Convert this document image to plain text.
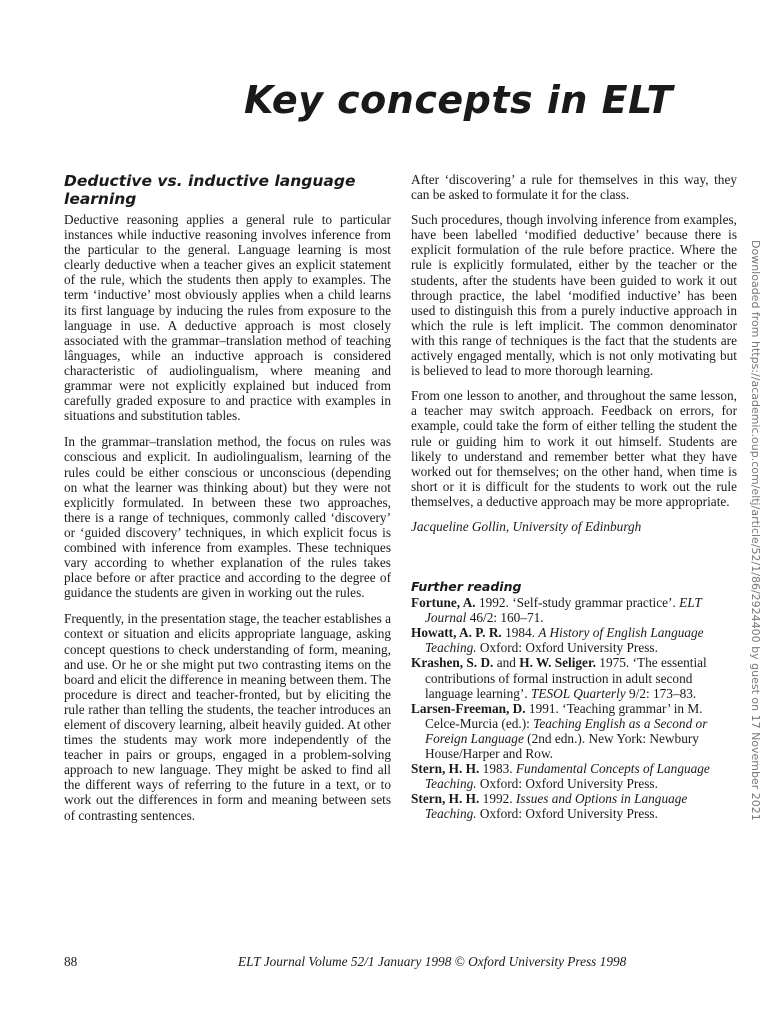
Key concepts in ELT
Deductive vs. inductive language learning

Deductive reasoning applies a general rule to particular instances while inductive reasoning involves inference from the particular to the general. Language learning is most clearly deductive when a teacher gives an explicit statement of the rule, which the students then apply to examples. The term ‘inductive’ most obviously applies when a child learns its first language by inducing the rules from exposure to the language in use. A deductive approach is most closely associated with the grammar–translation method of teaching lânguages, while an inductive approach is considered characteristic of audiolingualism, where meaning and grammar were not explicitly explained but induced from carefully graded exposure to and practice with examples in situations and substitution tables.

In the grammar–translation method, the focus on rules was conscious and explicit. In audiolingualism, learning of the rules could be either conscious or unconscious (depending on what the learner was thinking about) but they were not explicitly formulated. In between these two approaches, there is a range of techniques, commonly called ‘discovery’ or ‘guided discovery’ techniques, in which explicit focus is combined with inference from examples. These techniques vary according to whether explanation of the rules takes place before or after practice and according to the degree of guidance the students are given in working out the rules.

Frequently, in the presentation stage, the teacher establishes a context or situation and elicits appropriate language, asking concept questions to check understanding of form, meaning, and use. Or he or she might put two contrasting items on the board and elicit the difference in meaning between them. The procedure is direct and teacher-fronted, but by eliciting the rule rather than telling the students, the teacher introduces an element of discovery learning, albeit heavily guided. At other times the students may work more independently of the teacher in pairs or groups, engaged in a problem-solving approach to new language. They might be asked to find all the different ways of referring to the future in a text, or to work out the differences in form and meaning between sets of contrasting sentences.

After ‘discovering’ a rule for themselves in this way, they can be asked to formulate it for the class.

Such procedures, though involving inference from examples, have been labelled ‘modified deductive’ because there is explicit formulation of the rule before practice. Where the rule is explicitly formulated, either by the teacher or the students, after the students have been guided to work it out through practice, the label ‘modified inductive’ has been used to distinguish this from a purely inductive approach in which the rule is left implicit. The common denominator with this range of techniques is the fact that the students are actively engaged mentally, which is not only motivating but is believed to lead to more thorough learning.

From one lesson to another, and throughout the same lesson, a teacher may switch approach. Feedback on errors, for example, could take the form of either telling the student the rule or guiding him to work it out himself. Students are likely to understand and remember better what they have worked out for themselves; on the other hand, when time is short or it is difficult for the students to work out the rule themselves, a deductive approach may be more appropriate.

Jacqueline Gollin, University of Edinburgh
Further reading
Fortune, A. 1992. ‘Self-study grammar practice’. ELT Journal 46/2: 160–71.
Howatt, A. P. R. 1984. A History of English Language Teaching. Oxford: Oxford University Press.
Krashen, S. D. and H. W. Seliger. 1975. ‘The essential contributions of formal instruction in adult second language learning’. TESOL Quarterly 9/2: 173–83.
Larsen-Freeman, D. 1991. ‘Teaching grammar’ in M. Celce-Murcia (ed.): Teaching English as a Second or Foreign Language (2nd edn.). New York: Newbury House/Harper and Row.
Stern, H. H. 1983. Fundamental Concepts of Language Teaching. Oxford: Oxford University Press.
Stern, H. H. 1992. Issues and Options in Language Teaching. Oxford: Oxford University Press.
88	ELT Journal Volume 52/1 January 1998 © Oxford University Press 1998
Downloaded from https://academic.oup.com/eltj/article/52/1/86/2924400 by guest on 17 November 2021
